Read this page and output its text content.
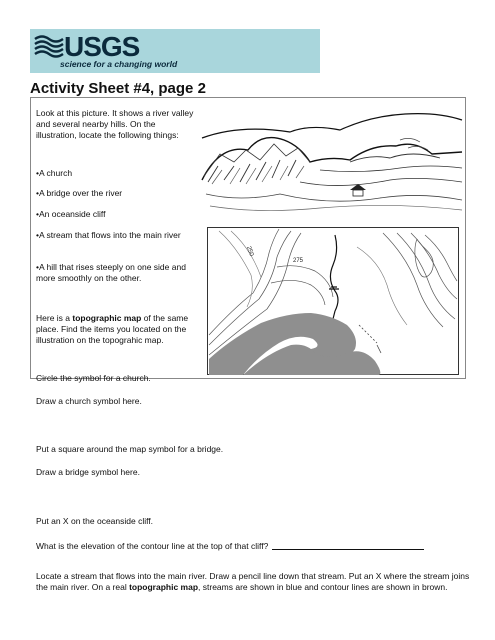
USGS
science for a changing world
Activity Sheet #4, page 2
Look at this picture. It shows a river valley and several nearby hills. On the illustration, locate the following things:
•A church
•A bridge over the river
•An oceanside cliff
•A stream that flows into the main river
•A hill that rises steeply on one side and more smoothly on the other.
Here is a topographic map of the same place. Find the items you located on the illustration on the topograhic map.
Circle the symbol for a church.
Draw a church symbol here.
275
250
Put a square around the map symbol for a bridge.
Draw a bridge symbol here.
Put an X on the oceanside cliff.
What is the elevation of the contour line at the top of that cliff?
Locate a stream that flows into the main river. Draw a pencil line down that stream. Put an X where the stream joins the main river. On a real topographic map, streams are shown in blue and contour lines are shown in brown.
